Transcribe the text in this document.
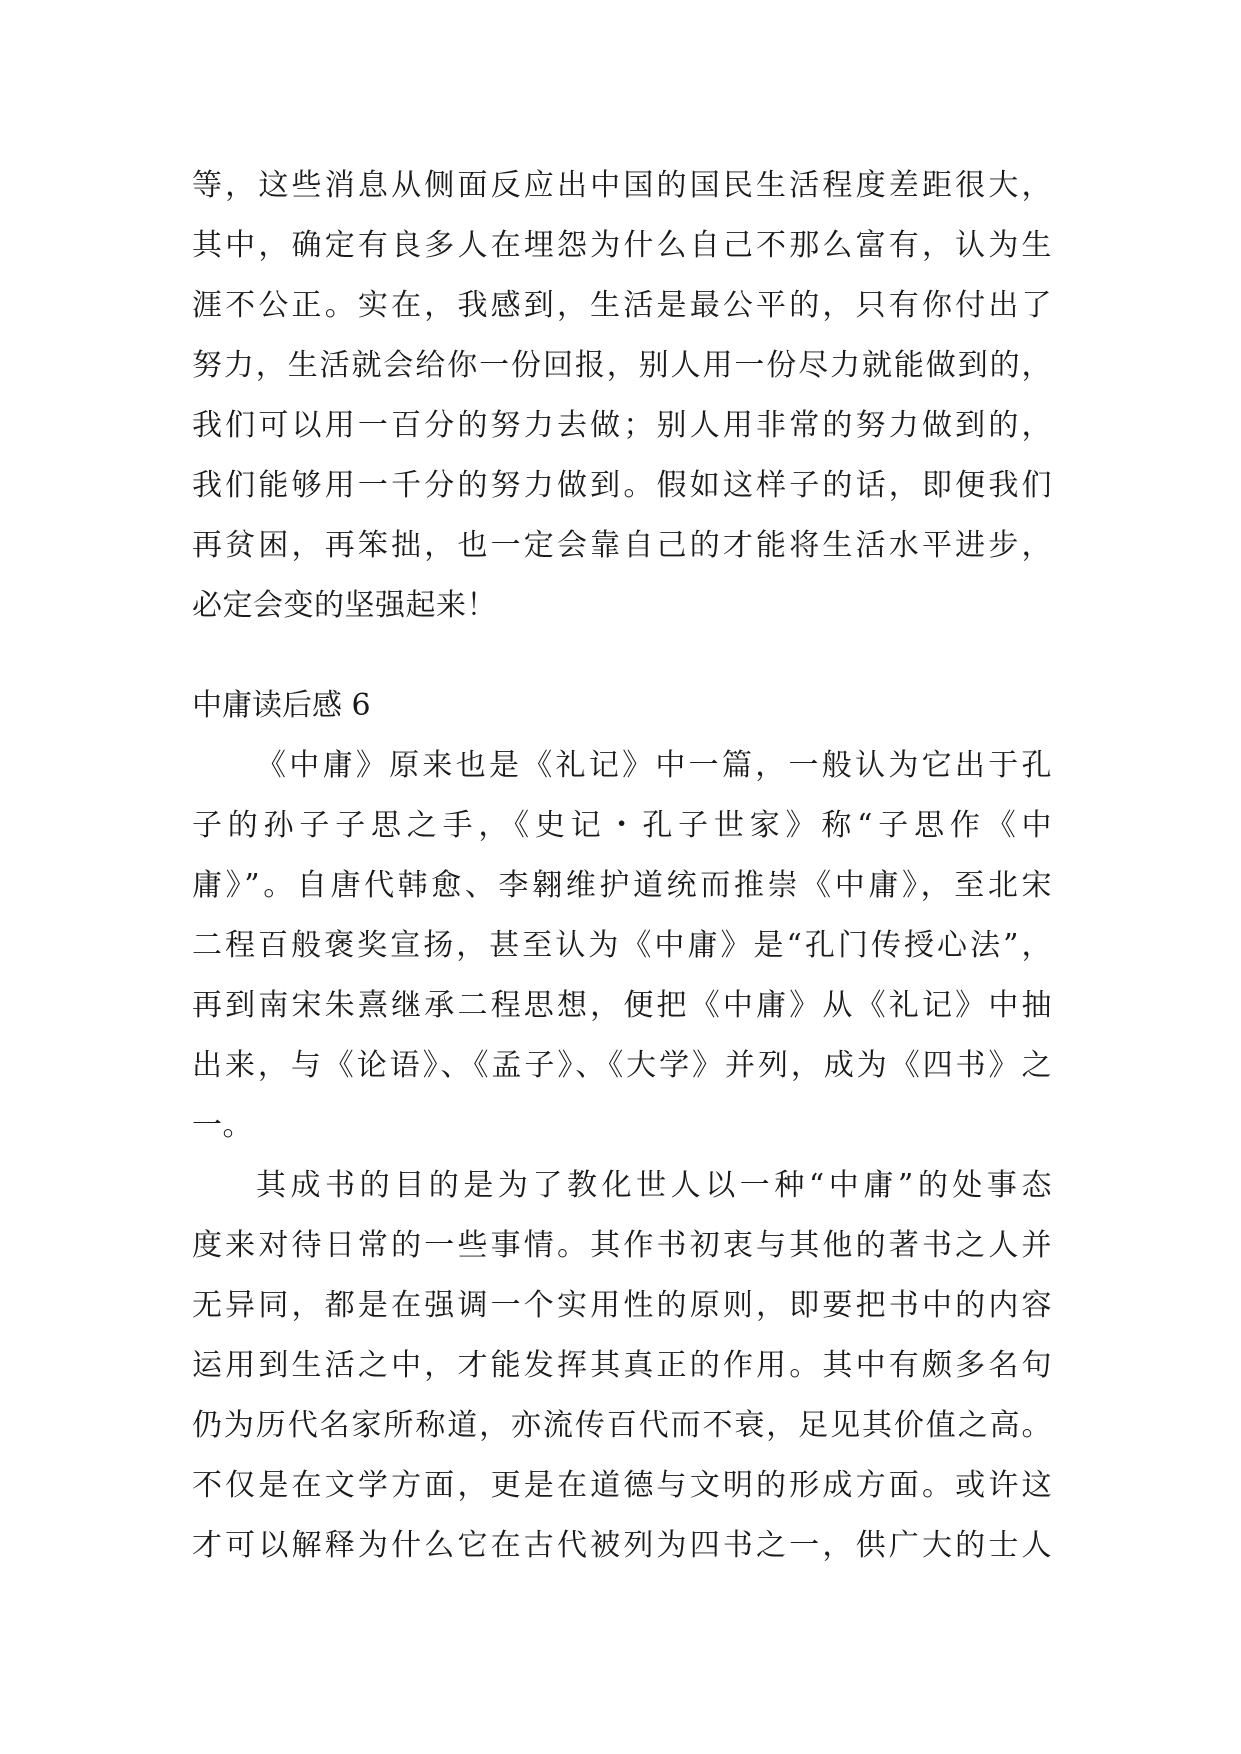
等，这些消息从侧面反应出中国的国民生活程度差距很大，
其中，确定有良多人在埋怨为什么自己不那么富有，认为生
涯不公正。实在，我感到，生活是最公平的，只有你付出了
努力，生活就会给你一份回报，别人用一份尽力就能做到的，
我们可以用一百分的努力去做；别人用非常的努力做到的，
我们能够用一千分的努力做到。假如这样子的话，即便我们
再贫困，再笨拙，也一定会靠自己的才能将生活水平进步，
必定会变的坚强起来！
中庸读后感 6
《中庸》原来也是《礼记》中一篇，一般认为它出于孔
子的孙子子思之手，《史记・孔子世家》称“子思作《中
庸》”。自唐代韩愈、李翱维护道统而推崇《中庸》，至北宋
二程百般褒奖宣扬，甚至认为《中庸》是“孔门传授心法”，
再到南宋朱熹继承二程思想，便把《中庸》从《礼记》中抽
出来，与《论语》、《孟子》、《大学》并列，成为《四书》之
一。
其成书的目的是为了教化世人以一种“中庸”的处事态
度来对待日常的一些事情。其作书初衷与其他的著书之人并
无异同，都是在强调一个实用性的原则，即要把书中的内容
运用到生活之中，才能发挥其真正的作用。其中有颇多名句
仍为历代名家所称道，亦流传百代而不衰，足见其价值之高。
不仅是在文学方面，更是在道德与文明的形成方面。或许这
才可以解释为什么它在古代被列为四书之一，供广大的士人
